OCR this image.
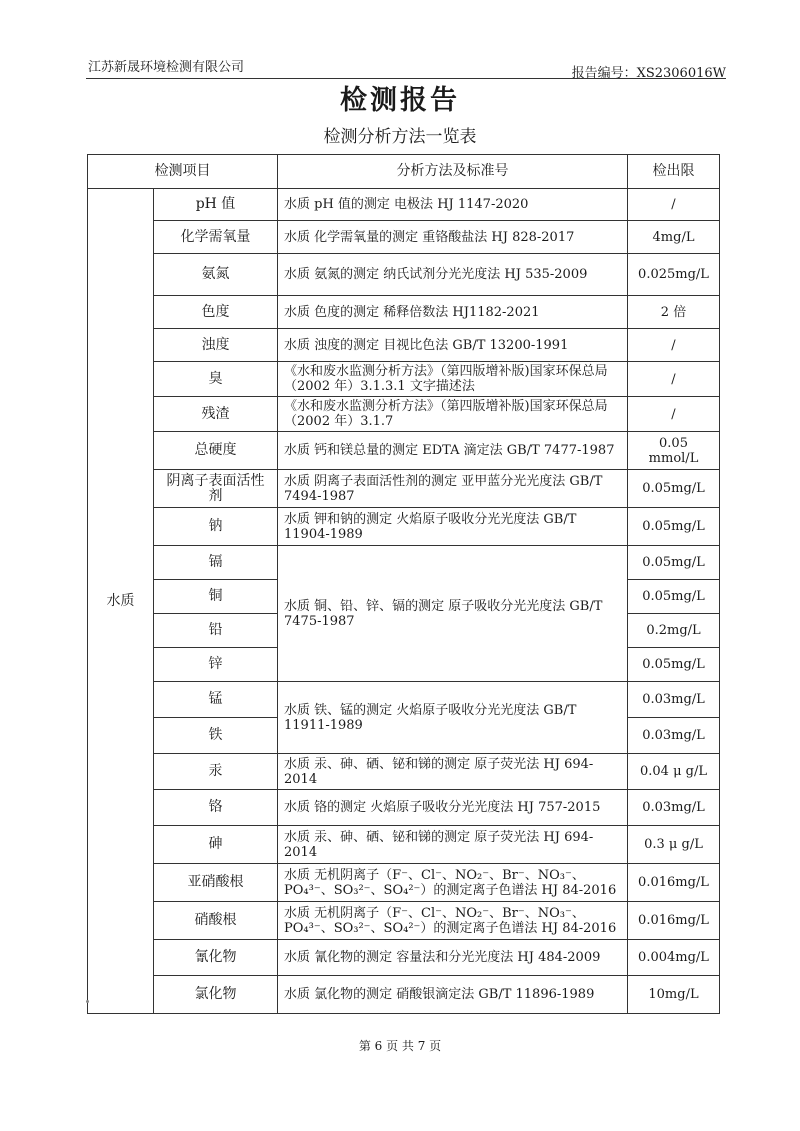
江苏新晟环境检测有限公司	报告编号：XS2306016W
检测报告
检测分析方法一览表
检测项目		分析方法及标准号	检出限
水质	pH 值	水质 pH 值的测定 电极法 HJ 1147-2020	/
	化学需氧量	水质 化学需氧量的测定 重铬酸盐法 HJ 828-2017	4mg/L
	氨氮	水质 氨氮的测定 纳氏试剂分光光度法 HJ 535-2009	0.025mg/L
	色度	水质 色度的测定 稀释倍数法 HJ1182-2021	2 倍
	浊度	水质 浊度的测定 目视比色法 GB/T 13200-1991	/
	臭	《水和废水监测分析方法》（第四版增补版)国家环保总局（2002 年）3.1.3.1 文字描述法	/
	残渣	《水和废水监测分析方法》（第四版增补版)国家环保总局（2002 年）3.1.7	/
	总硬度	水质 钙和镁总量的测定 EDTA 滴定法 GB/T 7477-1987	0.05 mmol/L
	阴离子表面活性剂	水质 阴离子表面活性剂的测定 亚甲蓝分光光度法 GB/T 7494-1987	0.05mg/L
	钠	水质 钾和钠的测定 火焰原子吸收分光光度法 GB/T 11904-1989	0.05mg/L
	镉	水质 铜、铅、锌、镉的测定 原子吸收分光光度法 GB/T 7475-1987	0.05mg/L
	铜		0.05mg/L
	铅		0.2mg/L
	锌		0.05mg/L
	锰	水质 铁、锰的测定 火焰原子吸收分光光度法 GB/T 11911-1989	0.03mg/L
	铁		0.03mg/L
	汞	水质 汞、砷、硒、铋和锑的测定 原子荧光法 HJ 694-2014	0.04 μ g/L
	铬	水质 铬的测定 火焰原子吸收分光光度法 HJ 757-2015	0.03mg/L
	砷	水质 汞、砷、硒、铋和锑的测定 原子荧光法 HJ 694-2014	0.3 μ g/L
	亚硝酸根	水质 无机阴离子（F⁻、Cl⁻、NO₂⁻、Br⁻、NO₃⁻、PO₄³⁻、SO₃²⁻、SO₄²⁻）的测定离子色谱法 HJ 84-2016	0.016mg/L
	硝酸根	水质 无机阴离子（F⁻、Cl⁻、NO₂⁻、Br⁻、NO₃⁻、PO₄³⁻、SO₃²⁻、SO₄²⁻）的测定离子色谱法 HJ 84-2016	0.016mg/L
	氰化物	水质 氰化物的测定 容量法和分光光度法 HJ 484-2009	0.004mg/L
	氯化物	水质 氯化物的测定 硝酸银滴定法 GB/T 11896-1989	10mg/L
第 6 页 共 7 页
